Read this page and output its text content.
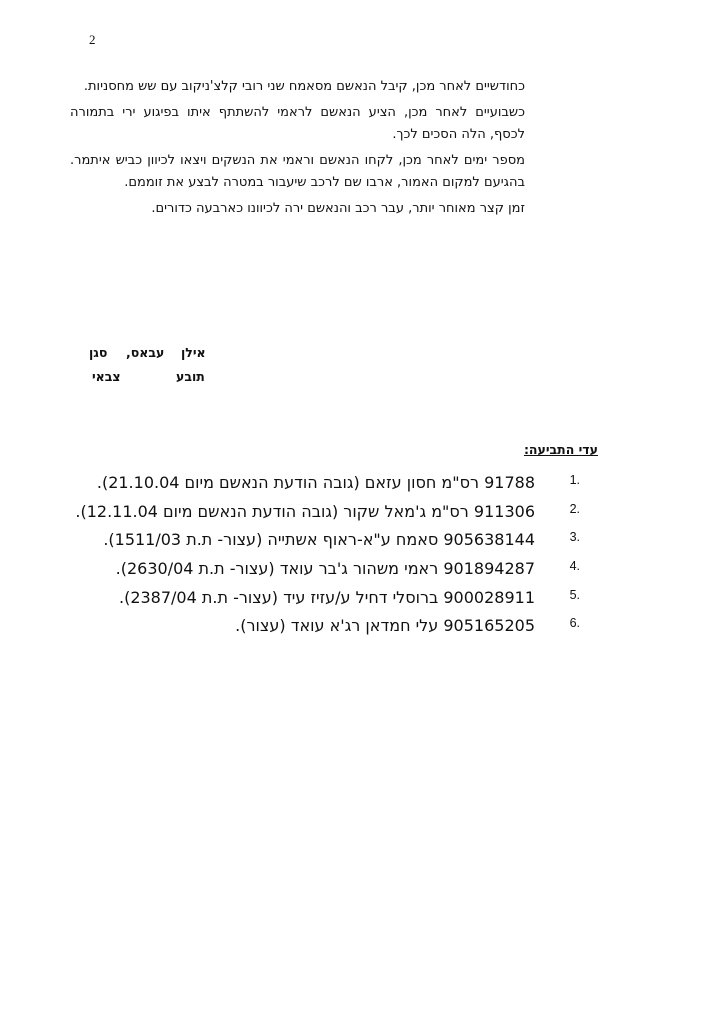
2

כחודשיים לאחר מכן, קיבל הנאשם מסאמח שני רובי קלצ'ניקוב עם שש מחסניות.

כשבועיים לאחר מכן, הציע הנאשם לראמי להשתתף איתו בפיגוע ירי בתמורה לכסף, הלה הסכים לכך.

מספר ימים לאחר מכן, לקחו הנאשם וראמי את הנשקים ויצאו לכיוון כביש איתמר. בהגיעם למקום האמור, ארבו שם לרכב שיעבור במטרה לבצע את זוממם.

זמן קצר מאוחר יותר, עבר רכב והנאשם ירה לכיוונו כארבעה כדורים.

אילן
עבאס,
סגן
תובע
צבאי
עדי התביעה:
1.
91788 רס"מ חסון עזאם (גובה הודעת הנאשם מיום 21.10.04).
2.
911306 רס"מ ג'מאל שקור (גובה הודעת הנאשם מיום 12.11.04).
3.
905638144 סאמח ע"א-ראוף אשתייה (עצור- ת.ת 1511/03).
4.
901894287 ראמי משהור ג'בר עואד (עצור- ת.ת 2630/04).
5.
900028911 ברוסלי דחיל ע/עזיז עיד (עצור- ת.ת 2387/04).
6.
905165205 עלי חמדאן רג'א עואד (עצור).
